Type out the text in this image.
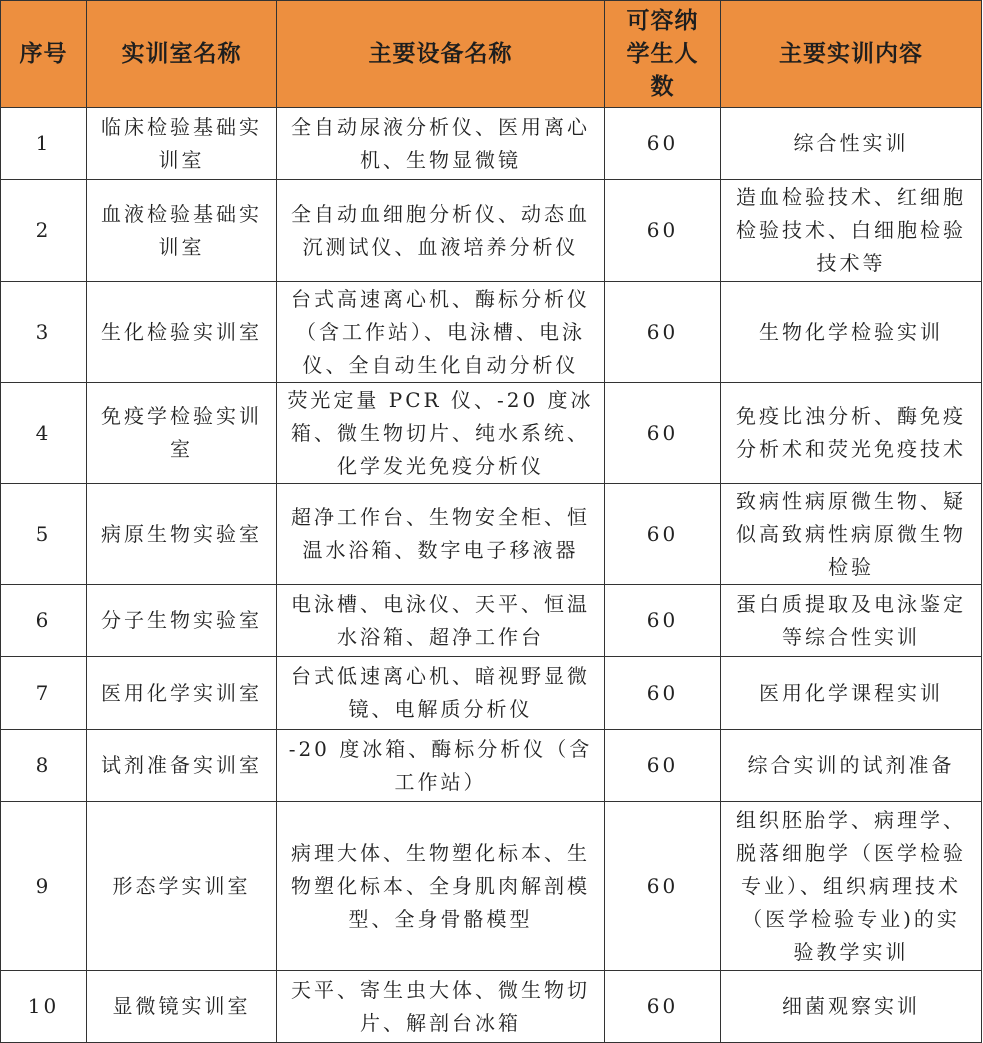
序号	实训室名称	主要设备名称	可容纳学生人数	主要实训内容
1	临床检验基础实训室	全自动尿液分析仪、医用离心机、生物显微镜	60	综合性实训
2	血液检验基础实训室	全自动血细胞分析仪、动态血沉测试仪、血液培养分析仪	60	造血检验技术、红细胞检验技术、白细胞检验技术等
3	生化检验实训室	台式高速离心机、酶标分析仪（含工作站）、电泳槽、电泳仪、全自动生化自动分析仪	60	生物化学检验实训
4	免疫学检验实训室	荧光定量 PCR 仪、-20 度冰箱、微生物切片、纯水系统、化学发光免疫分析仪	60	免疫比浊分析、酶免疫分析术和荧光免疫技术
5	病原生物实验室	超净工作台、生物安全柜、恒温水浴箱、数字电子移液器	60	致病性病原微生物、疑似高致病性病原微生物检验
6	分子生物实验室	电泳槽、电泳仪、天平、恒温水浴箱、超净工作台	60	蛋白质提取及电泳鉴定等综合性实训
7	医用化学实训室	台式低速离心机、暗视野显微镜、电解质分析仪	60	医用化学课程实训
8	试剂准备实训室	-20 度冰箱、酶标分析仪（含工作站）	60	综合实训的试剂准备
9	形态学实训室	病理大体、生物塑化标本、生物塑化标本、全身肌肉解剖模型、全身骨骼模型	60	组织胚胎学、病理学、脱落细胞学（医学检验专业）、组织病理技术（医学检验专业)的实验教学实训
10	显微镜实训室	天平、寄生虫大体、微生物切片、解剖台冰箱	60	细菌观察实训
